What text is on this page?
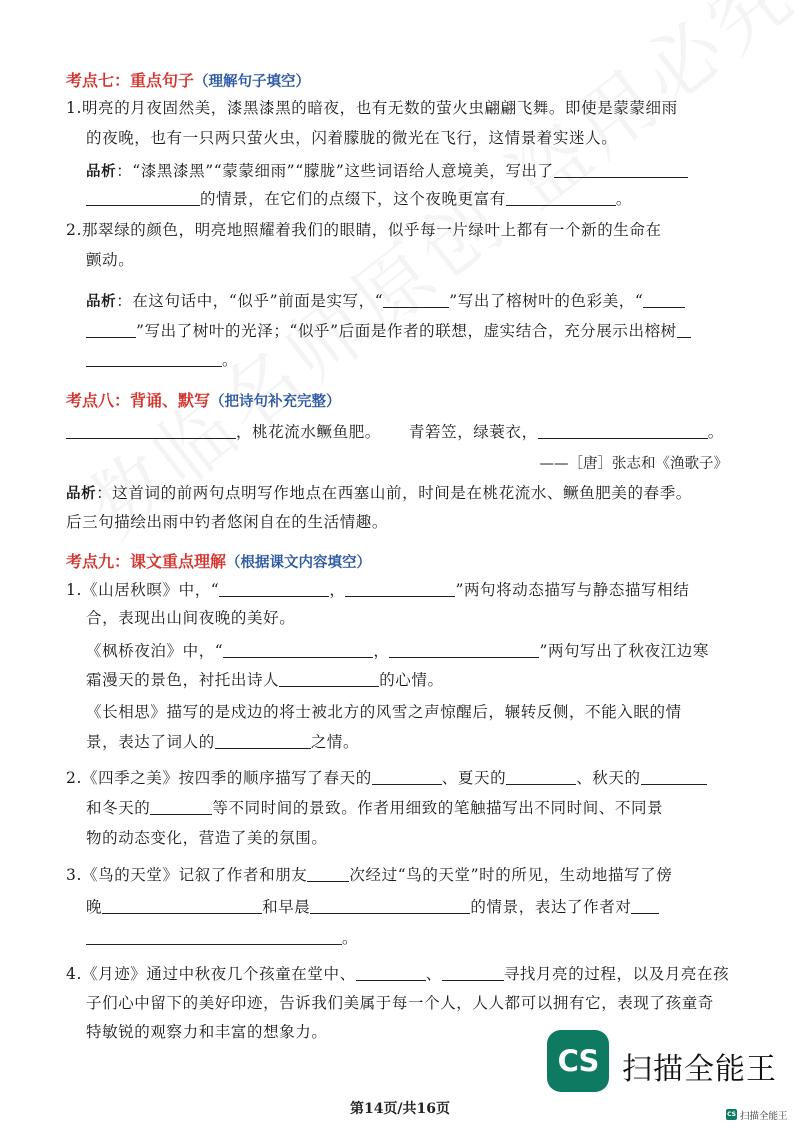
考点七：重点句子（理解句子填空）
1.明亮的月夜固然美，漆黑漆黑的暗夜，也有无数的萤火虫翩翩飞舞。即使是蒙蒙细雨
的夜晚，也有一只两只萤火虫，闪着朦胧的微光在飞行，这情景着实迷人。
品析：“漆黑漆黑”“蒙蒙细雨”“朦胧”这些词语给人意境美，写出了
的情景，在它们的点缀下，这个夜晚更富有	。
2.那翠绿的颜色，明亮地照耀着我们的眼睛，似乎每一片绿叶上都有一个新的生命在
颤动。
品析：在这句话中，“似乎”前面是实写，“	”写出了榕树叶的色彩美，“
”写出了树叶的光泽；“似乎”后面是作者的联想，虚实结合，充分展示出榕树
。
考点八：背诵、默写（把诗句补充完整）
，桃花流水鳜鱼肥。 青箬笠，绿蓑衣，	。
——［唐］张志和《渔歌子》
品析：这首词的前两句点明写作地点在西塞山前，时间是在桃花流水、鳜鱼肥美的春季。
后三句描绘出雨中钓者悠闲自在的生活情趣。
考点九：课文重点理解（根据课文内容填空）
1.《山居秋暝》中，“	，	”两句将动态描写与静态描写相结
合，表现出山间夜晚的美好。
《枫桥夜泊》中，“	，	”两句写出了秋夜江边寒
霜漫天的景色，衬托出诗人	的心情。
《长相思》描写的是戍边的将士被北方的风雪之声惊醒后，辗转反侧，不能入眠的情
景，表达了词人的	之情。
2.《四季之美》按四季的顺序描写了春天的	、夏天的	、秋天的
和冬天的	等不同时间的景致。作者用细致的笔触描写出不同时间、不同景
物的动态变化，营造了美的氛围。
3.《鸟的天堂》记叙了作者和朋友	次经过“鸟的天堂”时的所见，生动地描写了傍
晚	和早晨	的情景，表达了作者对
。
4.《月迹》通过中秋夜几个孩童在堂中、	、	寻找月亮的过程，以及月亮在孩
子们心中留下的美好印迹，告诉我们美属于每一个人，人人都可以拥有它，表现了孩童奇
特敏锐的观察力和丰富的想象力。
第14页/共16页
CS 扫描全能王
CS 扫描全能王
